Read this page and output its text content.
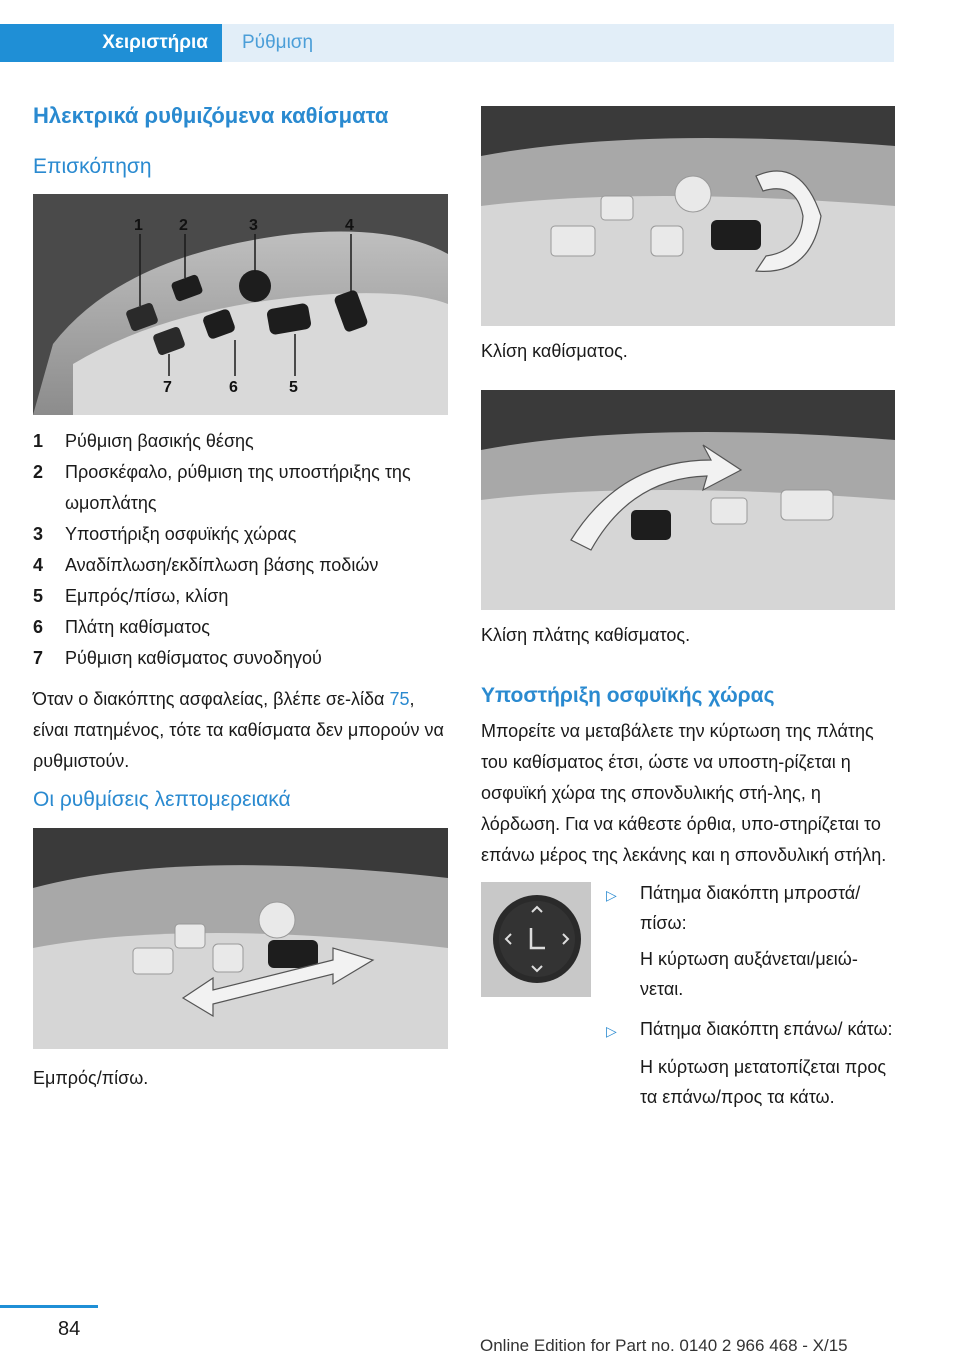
Χειριστήρια Ρύθμιση
Ηλεκτρικά ρυθμιζόμενα καθίσματα
Επισκόπηση
1 2	3	4
7	6	5
1	Ρύθμιση βασικής θέσης
2	Προσκέφαλο, ρύθμιση της υποστήριξης της ωμοπλάτης
3	Υποστήριξη οσφυϊκής χώρας
4	Αναδίπλωση/εκδίπλωση βάσης ποδιών
5	Εμπρός/πίσω, κλίση
6	Πλάτη καθίσματος
7	Ρύθμιση καθίσματος συνοδηγού
Όταν ο διακόπτης ασφαλείας, βλέπε σε-λίδα 75, είναι πατημένος, τότε τα καθίσματα δεν μπορούν να ρυθμιστούν.
Οι ρυθμίσεις λεπτομερειακά
Εμπρός/πίσω.
Κλίση καθίσματος.
Κλίση πλάτης καθίσματος.
Υποστήριξη οσφυϊκής χώρας
Μπορείτε να μεταβάλετε την κύρτωση της πλάτης του καθίσματος έτσι, ώστε να υποστη-ρίζεται η οσφυϊκή χώρα της σπονδυλικής στή-λης, η λόρδωση. Για να κάθεστε όρθια, υπο-στηρίζεται το επάνω μέρος της λεκάνης και η σπονδυλική στήλη.
▷	Πάτημα διακόπτη μπροστά/ πίσω:
Η κύρτωση αυξάνεται/μειώ-νεται.
▷	Πάτημα διακόπτη επάνω/ κάτω:
Η κύρτωση μετατοπίζεται προς τα επάνω/προς τα κάτω.
84
Online Edition for Part no. 0140 2 966 468 - X/15
